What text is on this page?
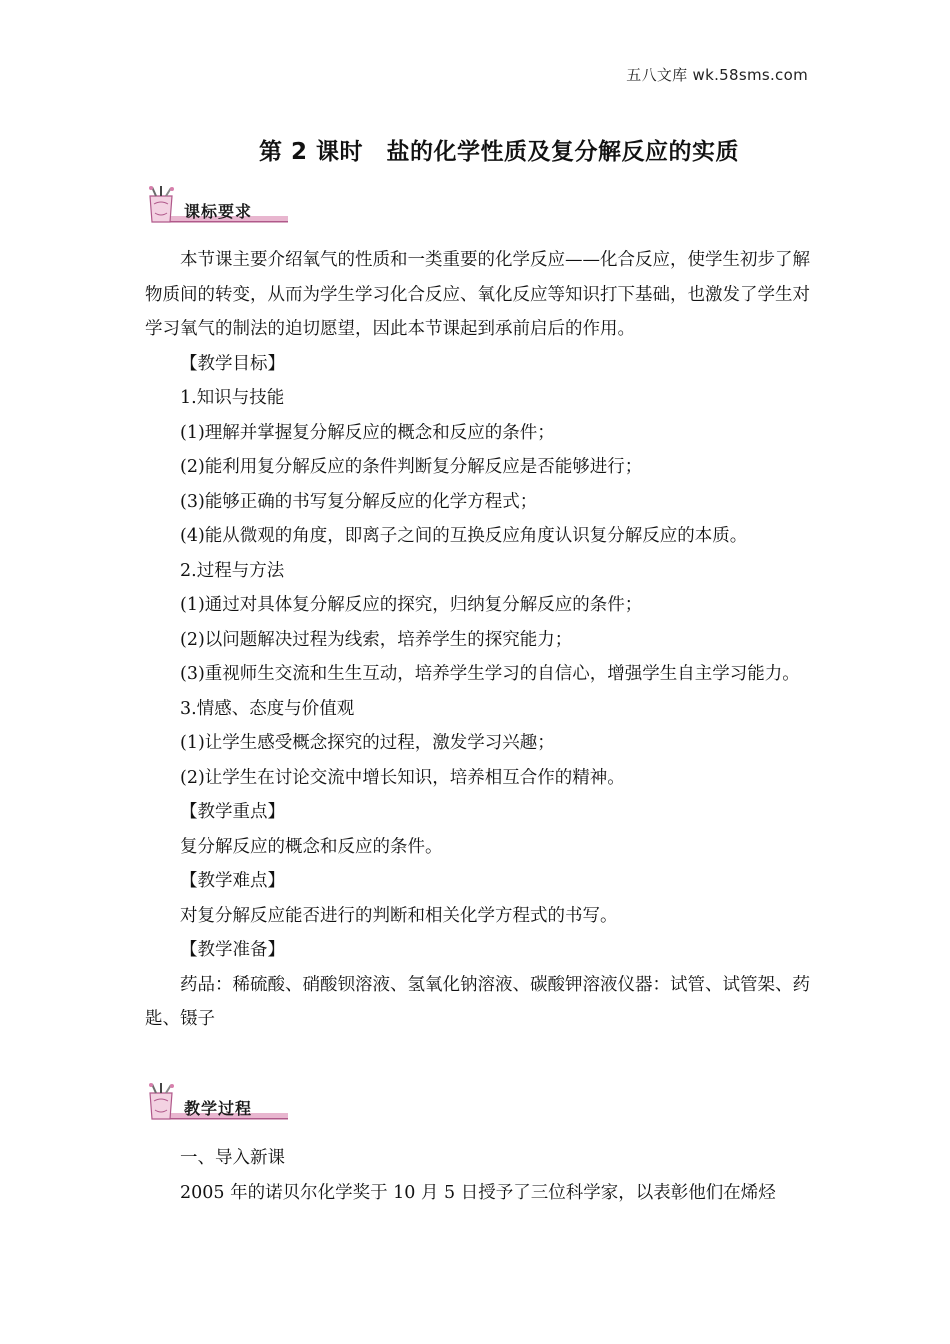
五八文库 wk.58sms.com
第 2 课时　盐的化学性质及复分解反应的实质
课标要求

本节课主要介绍氧气的性质和一类重要的化学反应——化合反应，使学生初步了解物质间的转变，从而为学生学习化合反应、氧化反应等知识打下基础，也激发了学生对学习氧气的制法的迫切愿望，因此本节课起到承前启后的作用。

【教学目标】

1.知识与技能

(1)理解并掌握复分解反应的概念和反应的条件；

(2)能利用复分解反应的条件判断复分解反应是否能够进行；

(3)能够正确的书写复分解反应的化学方程式；

(4)能从微观的角度，即离子之间的互换反应角度认识复分解反应的本质。

2.过程与方法

(1)通过对具体复分解反应的探究，归纳复分解反应的条件；

(2)以问题解决过程为线索，培养学生的探究能力；

(3)重视师生交流和生生互动，培养学生学习的自信心，增强学生自主学习能力。

3.情感、态度与价值观

(1)让学生感受概念探究的过程，激发学习兴趣；

(2)让学生在讨论交流中增长知识，培养相互合作的精神。

【教学重点】

复分解反应的概念和反应的条件。

【教学难点】

对复分解反应能否进行的判断和相关化学方程式的书写。

【教学准备】

药品：稀硫酸、硝酸钡溶液、氢氧化钠溶液、碳酸钾溶液仪器：试管、试管架、药匙、镊子

教学过程

一、导入新课

2005 年的诺贝尔化学奖于 10 月 5 日授予了三位科学家，以表彰他们在烯烃
